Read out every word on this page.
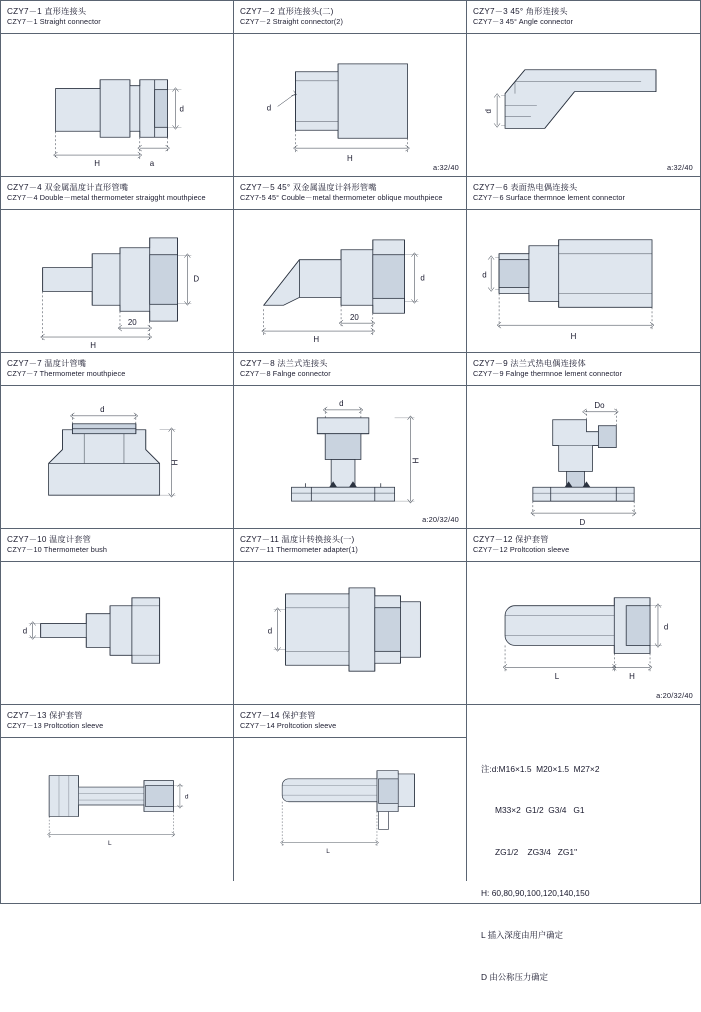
CZY7－1 直形连接头
CZY7－1 Straight connector
d
H	a
CZY7－2 直形连接头(二)
CZY7－2 Straight connector(2)
d
H
a:32/40
CZY7－3 45° 角形连接头
CZY7－3 45° Angle connector
d
a:32/40
CZY7－4 双金属温度计直形管嘴
CZY7－4 Double－metal thermometer straigght mouthpiece
D
H
20
CZY7－5 45° 双金属温度计斜形管嘴
CZY7-5 45° Couble－metal thermometer oblique mouthpiece
d
H
20
CZY7－6 表面热电偶连接头
CZY7－6 Surface thermnoe lement connector
d
H
CZY7－7 温度计管嘴
CZY7－7 Thermometer mouthpiece
d
H
CZY7－8 法兰式连接头
CZY7－8 Falnge connector
d
H
a:20/32/40
CZY7－9 法兰式热电偶连接体
CZY7－9 Falnge thermnoe lement connector
Do
D
CZY7－10 温度计套管
CZY7－10 Thermometer bush
d
CZY7－11 温度计转换接头(一)
CZY7－11 Thermometer adapter(1)
d
CZY7－12 保护套管
CZY7－12 Proltcotion sleeve
d
L	H
a:20/32/40
CZY7－13 保护套管
CZY7－13 Proltcotion sleeve
d
L
CZY7－14 保护套管
CZY7－14 Proltcotion sleeve
L

注:d:M16×1.5  M20×1.5  M27×2

M33×2  G1/2  G3/4   G1

ZG1/2    ZG3/4   ZG1"

H: 60,80,90,100,120,140,150

L 插入深度由用户确定

D 由公称压力确定
